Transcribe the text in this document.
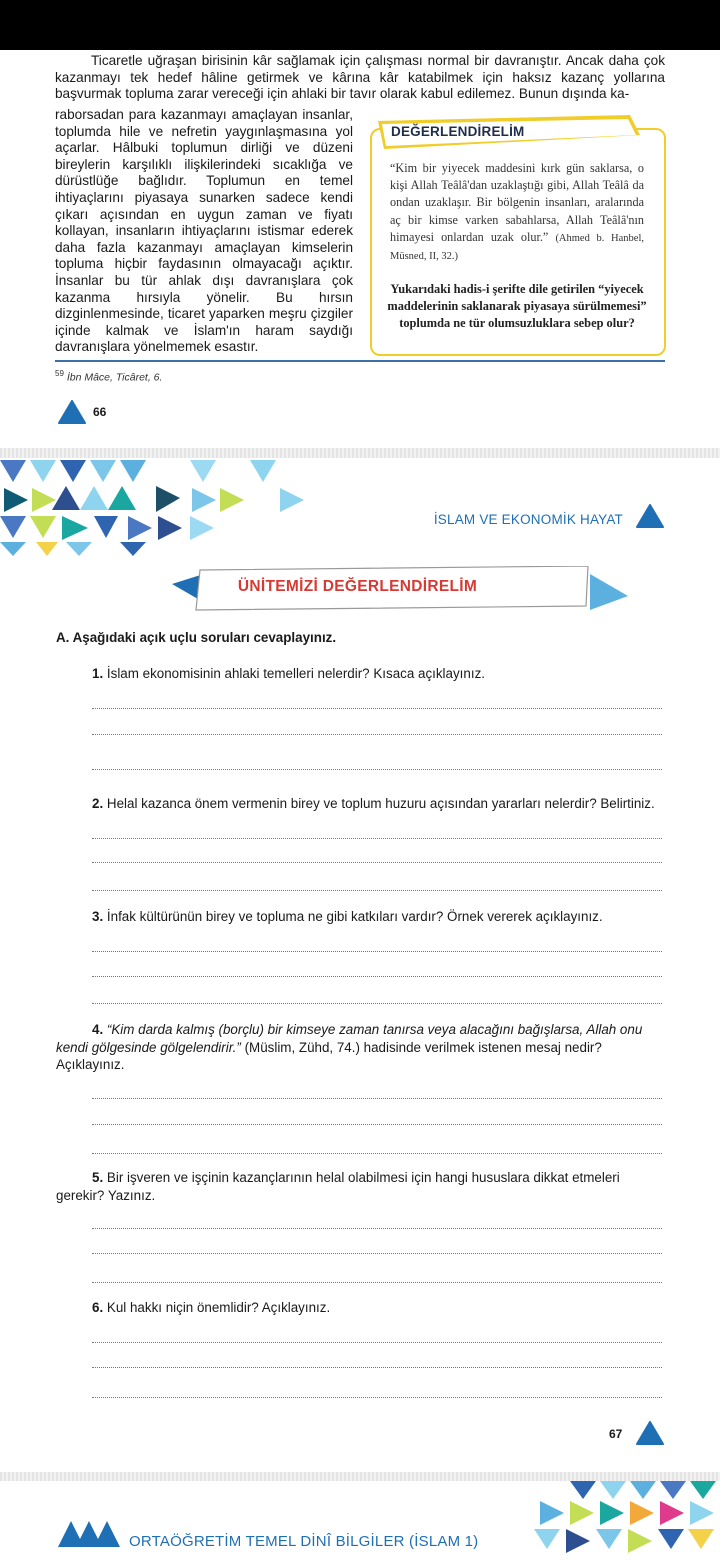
Ticaretle uğraşan birisinin kâr sağlamak için çalışması normal bir davranıştır. Ancak daha çok kazanmayı tek hedef hâline getirmek ve kârına kâr katabilmek için haksız kazanç yollarına başvurmak topluma zarar vereceği için ahlaki bir tavır olarak kabul edilemez. Bunun dışında ka-
raborsadan para kazanmayı amaçlayan insanlar, toplumda hile ve nefretin yaygınlaşmasına yol açarlar. Hâlbuki toplumun dirliği ve düzeni bireylerin karşılıklı ilişkilerindeki sıcaklığa ve dürüstlüğe bağlıdır. Toplumun en temel ihtiyaçlarını piyasaya sunarken sadece kendi çıkarı açısından en uygun zaman ve fiyatı kollayan, insanların ihtiyaçlarını istismar ederek daha fazla kazanmayı amaçlayan kimselerin topluma hiçbir faydasının olmayacağı açıktır. İnsanlar bu tür ahlak dışı davranışlara çok kazanma hırsıyla yönelir. Bu hırsın dizginlenmesinde, ticaret yaparken meşru çizgiler içinde kalmak ve İslam'ın haram saydığı davranışlara yönelmemek esastır.
DEĞERLENDİRELİM
“Kim bir yiyecek maddesini kırk gün saklarsa, o kişi Allah Teâlâ'dan uzaklaştığı gibi, Allah Teâlâ da ondan uzaklaşır. Bir bölgenin insanları, aralarında aç bir kimse varken sabahlarsa, Allah Teâlâ'nın himayesi onlardan uzak olur.” (Ahmed b. Hanbel, Müsned, II, 32.)
Yukarıdaki hadis-i şerifte dile getirilen “yiyecek maddelerinin saklanarak piyasaya sürülmemesi” toplumda ne tür olumsuzluklara sebep olur?
$^{59}$ İbn Mâce, Ticâret, 6.
66
İSLAM VE EKONOMİK HAYAT
ÜNİTEMİZİ DEĞERLENDİRELİM
A. Aşağıdaki açık uçlu soruları cevaplayınız.
1. İslam ekonomisinin ahlaki temelleri nelerdir? Kısaca açıklayınız.
2. Helal kazanca önem vermenin birey ve toplum huzuru açısından yararları nelerdir? Belirtiniz.
3. İnfak kültürünün birey ve topluma ne gibi katkıları vardır? Örnek vererek açıklayınız.
4. “Kim darda kalmış (borçlu) bir kimseye zaman tanırsa veya alacağını bağışlarsa, Allah onu kendi gölgesinde gölgelendirir.” (Müslim, Zühd, 74.) hadisinde verilmek istenen mesaj nedir? Açıklayınız.
5. Bir işveren ve işçinin kazançlarının helal olabilmesi için hangi hususlara dikkat etmeleri gerekir? Yazınız.
6. Kul hakkı niçin önemlidir? Açıklayınız.
67
ORTAÖĞRETİM TEMEL DİNÎ BİLGİLER (İSLAM 1)
